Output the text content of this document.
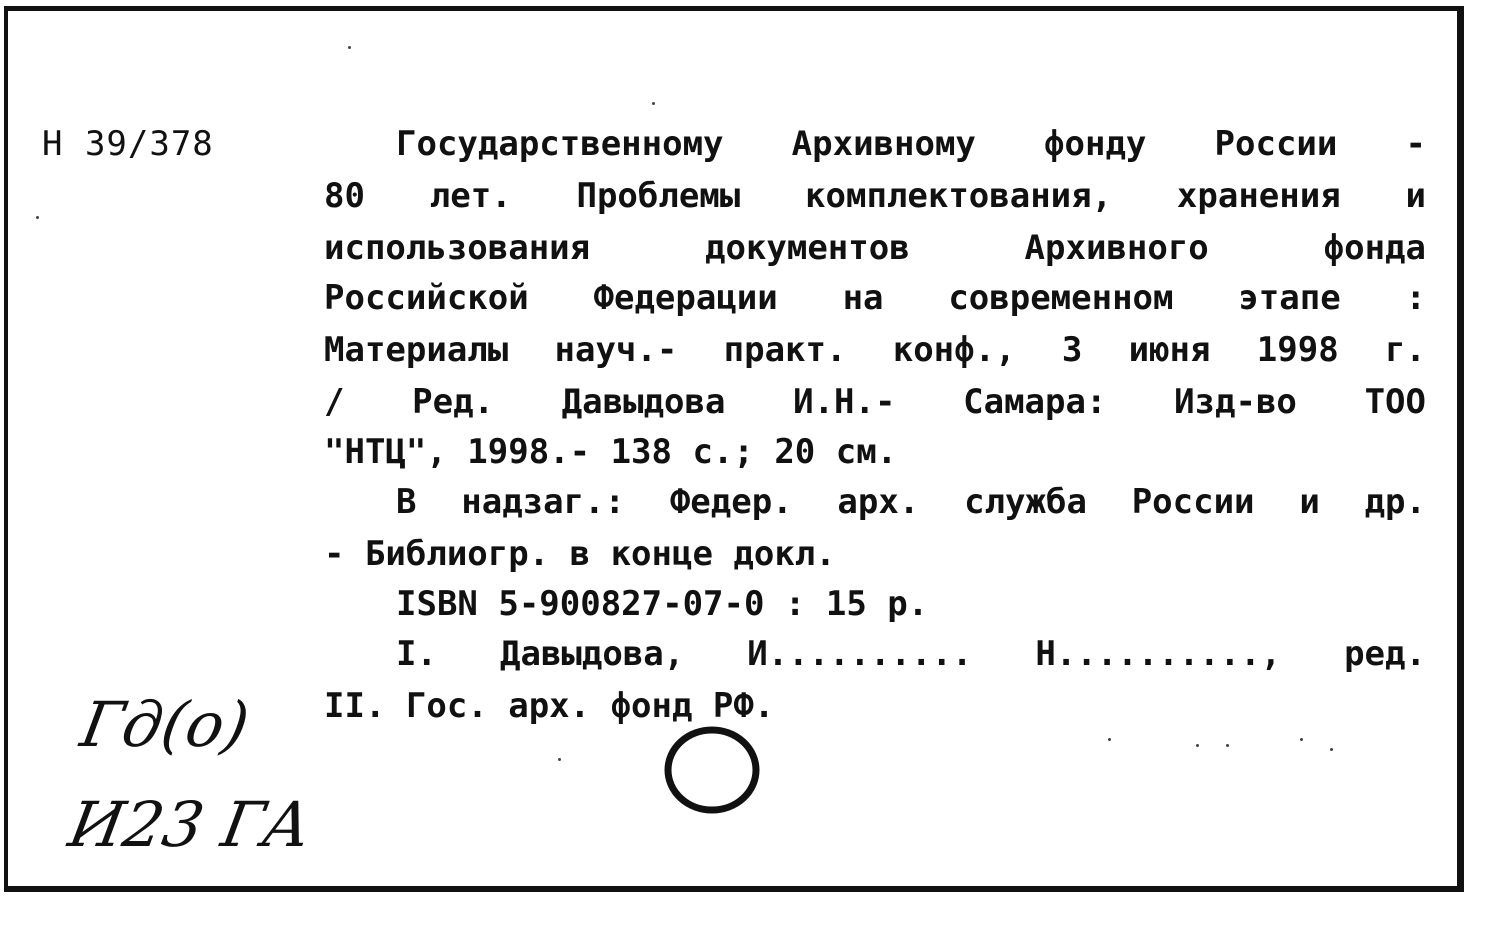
Н 39/378	Государственному Архивному фонду России -
80 лет. Проблемы комплектования, хранения и
использования	документов	Архивного	фонда
Российской Федерации на современном этапе :
Материалы науч.- практ. конф., 3 июня 1998 г.
/ Ред. Давыдова И.Н.- Самара: Изд-во ТОО
"НТЦ", 1998.- 138 с.; 20 см.
В надзаг.: Федер. арх. служба России и др.
- Библиогр. в конце докл.
ISBN 5-900827-07-0 : 15 р.
I. Давыдова, И.......... Н.........., ред.
II. Гос. арх. фонд РФ.
Гд(о)
И23 ГА
